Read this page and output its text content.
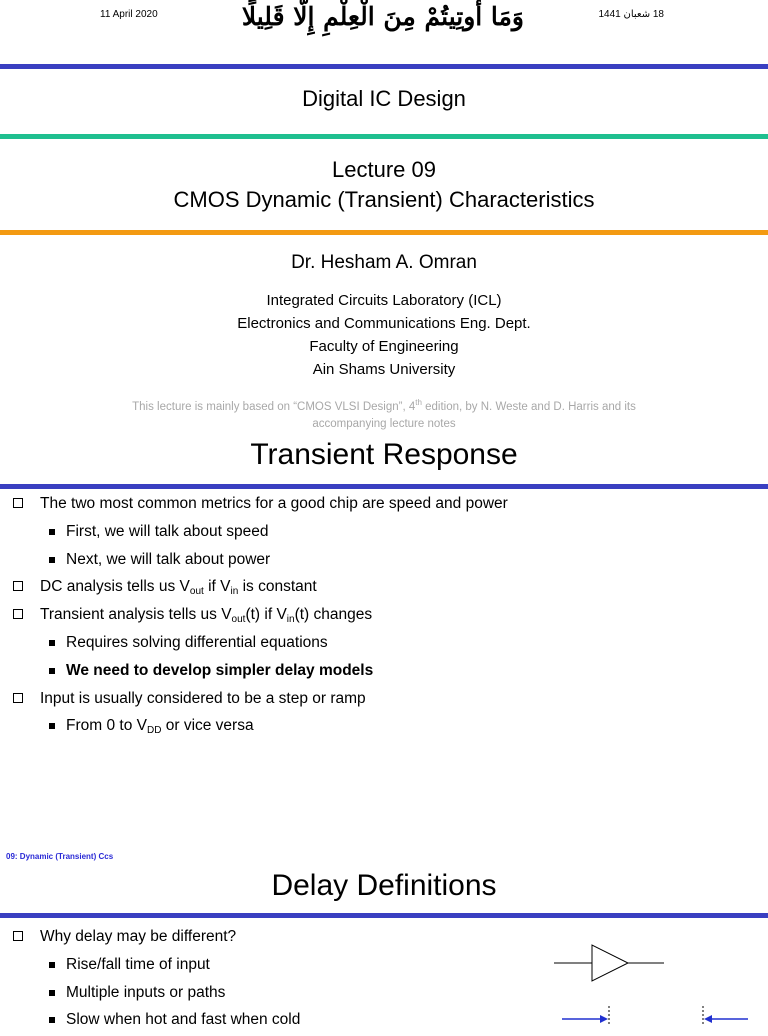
11 April 2020	وَمَا أُوتِيتُمْ مِنَ الْعِلْمِ إِلَّا قَلِيلًا	18 شعبان 1441
Digital IC Design
Lecture 09
CMOS Dynamic (Transient) Characteristics
Dr. Hesham A. Omran
Integrated Circuits Laboratory (ICL)
Electronics and Communications Eng. Dept.
Faculty of Engineering
Ain Shams University
This lecture is mainly based on “CMOS VLSI Design”, 4th edition, by N. Weste and D. Harris and its accompanying lecture notes
Transient Response
The two most common metrics for a good chip are speed and power
First, we will talk about speed
Next, we will talk about power
DC analysis tells us $V_{out}$ if $V_{in}$ is constant
Transient analysis tells us $V_{out}(t)$ if $V_{in}(t)$ changes
Requires solving differential equations
We need to develop simpler delay models
Input is usually considered to be a step or ramp
From 0 to $V_{DD}$ or vice versa
09: Dynamic (Transient) Ccs
Delay Definitions
Why delay may be different?
Rise/fall time of input
Multiple inputs or paths
Slow when hot and fast when cold
